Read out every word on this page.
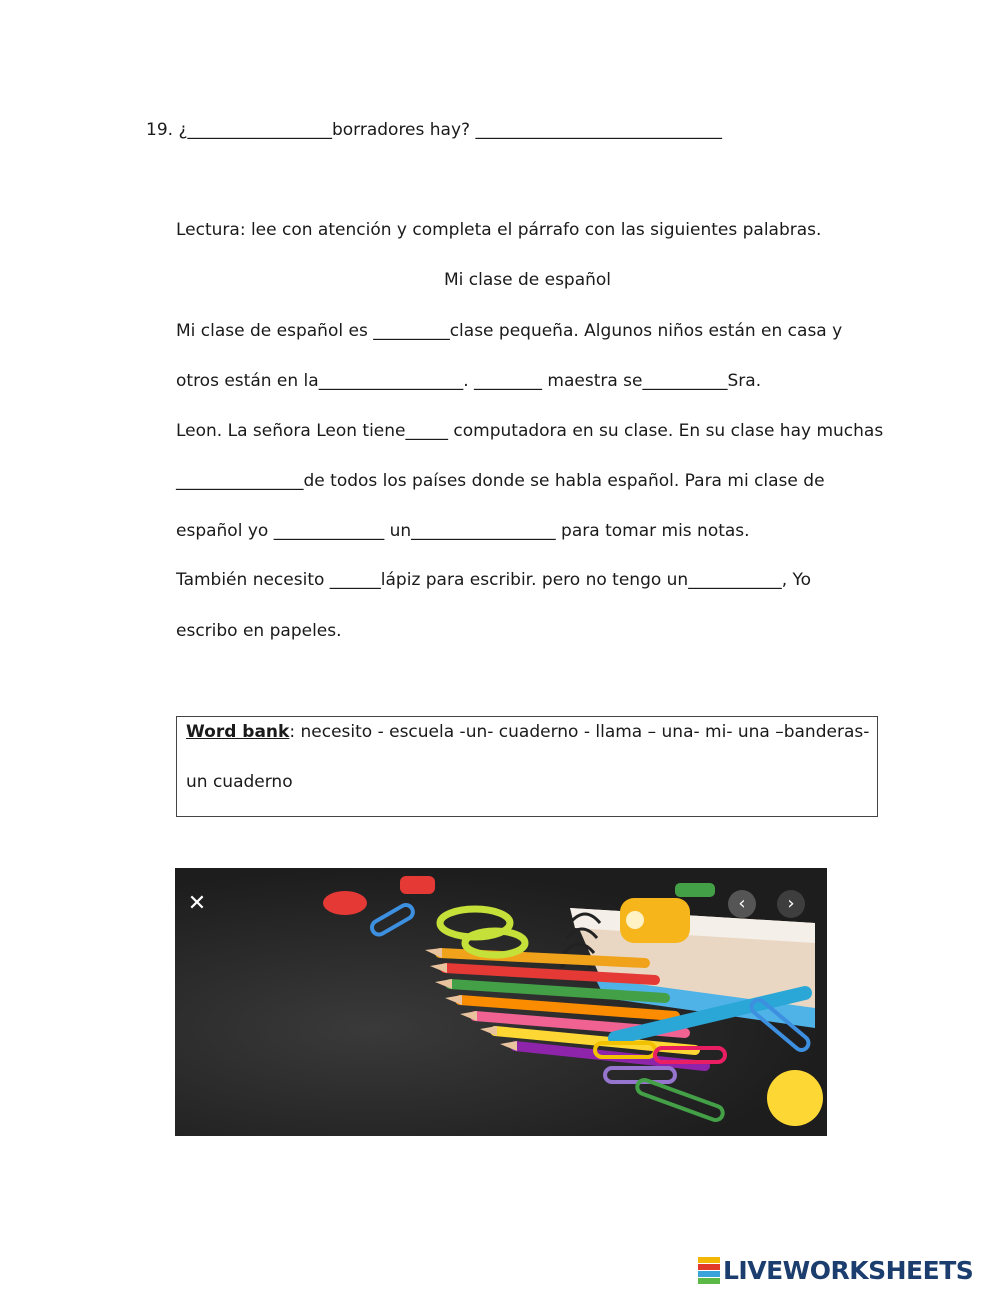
19. ¿_________________borradores hay? _____________________________
Lectura: lee con atención y completa el párrafo con las siguientes palabras.
Mi clase de español
Mi clase de español es _________clase pequeña. Algunos niños están en casa y
otros están en la_________________. ________ maestra se__________Sra.
Leon. La señora Leon tiene_____ computadora en su clase. En su clase hay muchas
_______________de todos los países donde se habla español. Para mi clase de
español yo _____________ un_________________ para tomar mis notas.
También necesito ______lápiz para escribir. pero no tengo un___________, Yo
escribo en papeles.
Word bank: necesito - escuela -un- cuaderno - llama – una- mi- una –banderas-
un cuaderno
✕	‹	›
LIVEWORKSHEETS
